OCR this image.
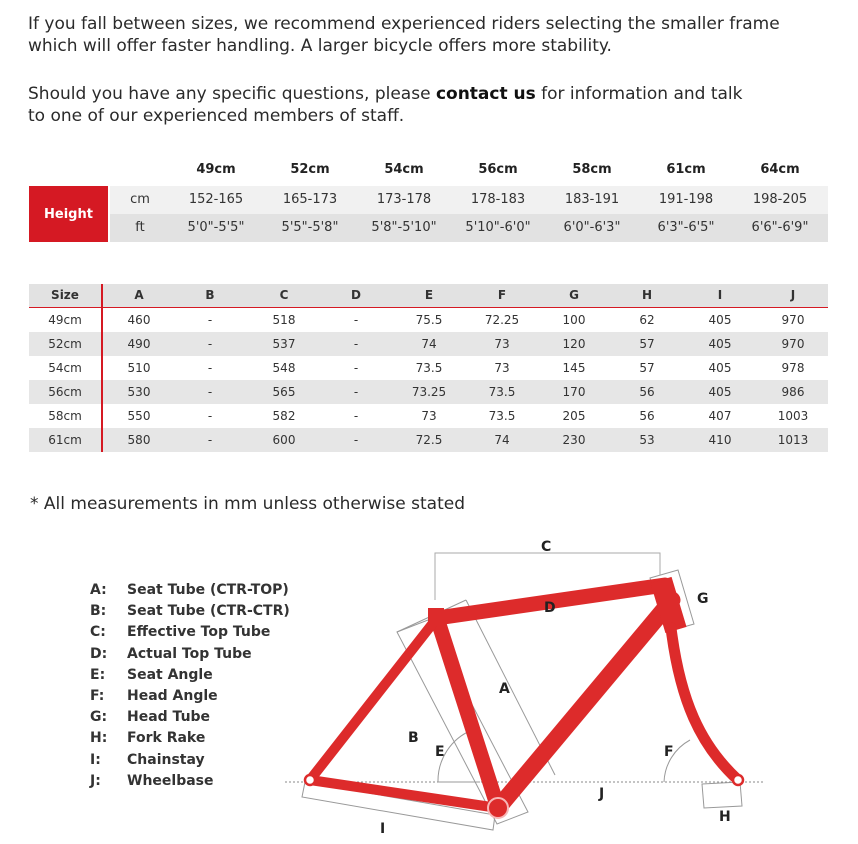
If you fall between sizes, we recommend experienced riders selecting the smaller frame which will offer faster handling. A larger bicycle offers more stability.
Should you have any specific questions, please contact us for information and talk to one of our experienced members of staff.
49cm	52cm	54cm	56cm	58cm	61cm	64cm
Height
cm	152-165	165-173	173-178	178-183	183-191	191-198	198-205
ft	5'0"-5'5"	5'5"-5'8"	5'8"-5'10"	5'10"-6'0"	6'0"-6'3"	6'3"-6'5"	6'6"-6'9"
Size	A	B	C	D	E	F	G	H	I	J
49cm	460	-	518	-	75.5	72.25	100	62	405	970
52cm	490	-	537	-	74	73	120	57	405	970
54cm	510	-	548	-	73.5	73	145	57	405	978
56cm	530	-	565	-	73.25	73.5	170	56	405	986
58cm	550	-	582	-	73	73.5	205	56	407	1003
61cm	580	-	600	-	72.5	74	230	53	410	1013
* All measurements in mm unless otherwise stated
A:	Seat Tube (CTR-TOP)
B:	Seat Tube (CTR-CTR)
C:	Effective Top Tube
D:	Actual Top Tube
E:	Seat Angle
F:	Head Angle
G:	Head Tube
H:	Fork Rake
I:	Chainstay
J:	Wheelbase
C
D
G
A
B
E	F
J
H
I
